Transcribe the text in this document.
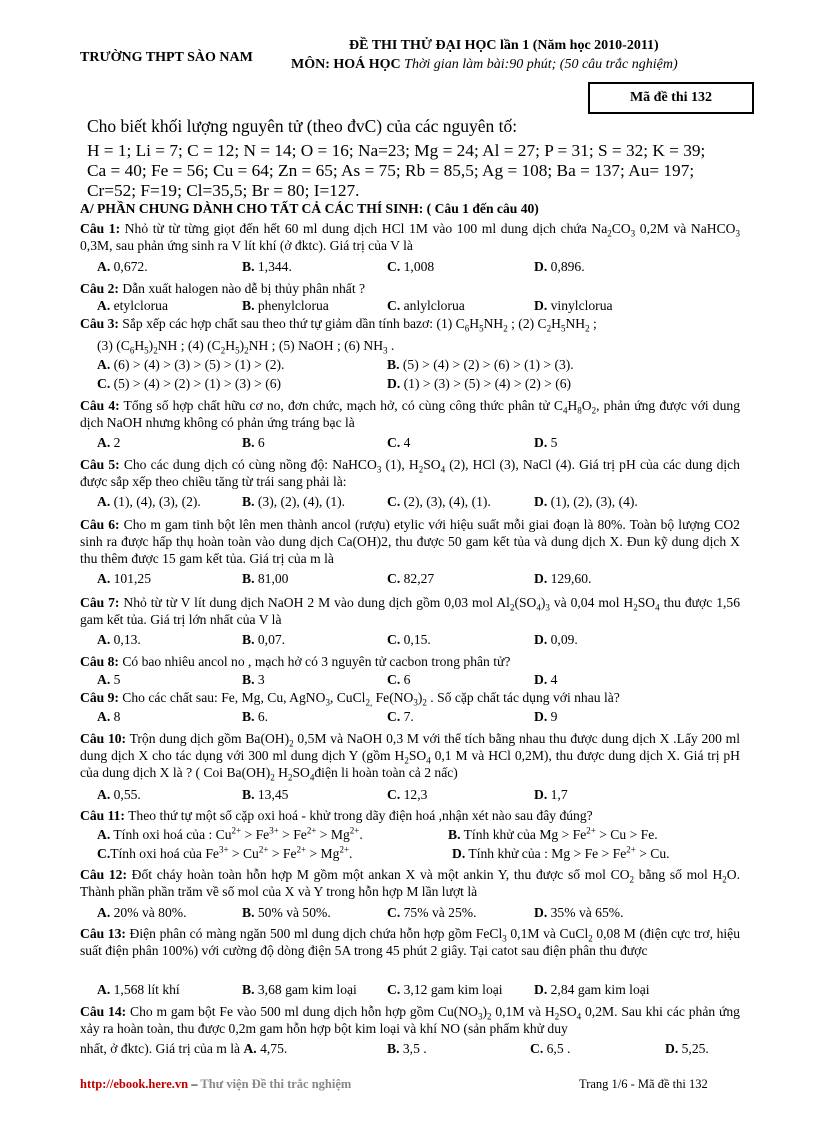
TRƯỜNG THPT SÀO NAM
ĐỀ THI THỬ ĐẠI HỌC lần 1 (Năm học 2010-2011)
MÔN: HOÁ HỌC Thời gian làm bài:90 phút; (50 câu trắc nghiệm)
Mã đề thi 132
Cho biết khối lượng nguyên tử (theo đvC) của các nguyên tố:
H = 1; Li = 7; C = 12; N = 14; O = 16; Na=23; Mg = 24; Al = 27; P = 31; S = 32; K = 39;
Ca = 40; Fe = 56; Cu = 64; Zn = 65; As = 75; Rb = 85,5; Ag = 108; Ba = 137; Au= 197;
Cr=52; F=19; Cl=35,5; Br = 80; I=127.
A/ PHẦN CHUNG DÀNH CHO TẤT CẢ CÁC THÍ SINH: ( Câu 1 đến câu 40)
Câu 1: Nhỏ từ từ từng giọt đến hết 60 ml dung dịch HCl 1M vào 100 ml dung dịch chứa $Na_2CO_3$ 0,2M và NaHCO$_3$ 0,3M, sau phản ứng sinh ra V lít khí (ở đktc). Giá trị của V là
A. 0,672.	B. 1,344.	C. 1,008	D. 0,896.
Câu 2: Dẫn xuất halogen nào dễ bị thủy phân nhất ?
A. etylclorua	B. phenylclorua	C. anlylclorua	D. vinylclorua
Câu 3: Sắp xếp các hợp chất sau theo thứ tự giảm dần tính bazơ: (1) $C_6H_5NH_2$ ; (2) $C_2H_5NH_2$ ;
(3) $(C_6H_5)_2NH$ ; (4) $(C_2H_5)_2NH$ ; (5) NaOH ; (6) $NH_3$ .
A. (6) > (4) > (3) > (5) > (1) > (2).	B. (5) > (4) > (2) > (6) > (1) > (3).
C. (5) > (4) > (2) > (1) > (3) > (6)	D. (1) > (3) > (5) > (4) > (2) > (6)
Câu 4: Tổng số hợp chất hữu cơ no, đơn chức, mạch hở, có cùng công thức phân tử $C_4H_8O_2$, phản ứng được với dung dịch NaOH nhưng không có phản ứng tráng bạc là
A. 2	B. 6	C. 4	D. 5
Câu 5: Cho các dung dịch có cùng nồng độ: NaHCO$_3$ (1), $H_2SO_4$ (2), HCl (3), NaCl (4). Giá trị pH của các dung dịch được sắp xếp theo chiều tăng từ trái sang phải là:
A. (1), (4), (3), (2).	B. (3), (2), (4), (1).	C. (2), (3), (4), (1).	D. (1), (2), (3), (4).
Câu 6: Cho m gam tinh bột lên men thành ancol (rượu) etylic với hiệu suất mỗi giai đoạn là 80%. Toàn bộ lượng CO2 sinh ra được hấp thụ hoàn toàn vào dung dịch Ca(OH)2, thu được 50 gam kết tủa và dung dịch X. Đun kỹ dung dịch X thu thêm được 15 gam kết tủa. Giá trị của m là
A. 101,25	B. 81,00	C. 82,27	D. 129,60.
Câu 7: Nhỏ từ từ V lít dung dịch NaOH 2 M vào dung dịch gồm 0,03 mol $Al_2(SO_4)_3$ và 0,04 mol $H_2SO_4$ thu được 1,56 gam kết tủa. Giá trị lớn nhất của V là
A. 0,13.	B. 0,07.	C. 0,15.	D. 0,09.
Câu 8: Có bao nhiêu ancol no , mạch hở có 3 nguyên tử cacbon trong phân tử?
A. 5	B. 3	C. 6	D. 4
Câu 9: Cho các chất sau: Fe, Mg, Cu, AgNO$_3$, CuCl$_{2,}$ $Fe(NO_3)_2$ . Số cặp chất tác dụng với nhau là?
A. 8	B. 6.	C. 7.	D. 9
Câu 10: Trộn dung dịch gồm $Ba(OH)_2$ 0,5M và NaOH 0,3 M với thể tích bằng nhau thu được dung dịch X .Lấy 200 ml dung dịch X cho tác dụng với 300 ml dung dịch Y (gồm $H_2SO_4$ 0,1 M và HCl 0,2M), thu được dung dịch X. Giá trị pH của dung dịch X là ? ( Coi $Ba(OH)_2$ $H_2SO_4điện$ li hoàn toàn cả 2 nấc)
A. 0,55.	B. 13,45	C. 12,3	D. 1,7
Câu 11: Theo thứ tự một số cặp oxi hoá - khử trong dãy điện hoá ,nhận xét nào sau đây đúng?
A. Tính oxi hoá của : $Cu^{2+} > Fe^{3+} > Fe^{2+} > Mg^{2+}$.	B. Tính khử của $Mg > Fe^{2+} > Cu > Fe$.
C.Tính oxi hoá của $Fe^{3+} > Cu^{2+} > Fe^{2+} > Mg^{2+}$.	D. Tính khử của : $Mg > Fe > Fe^{2+} > Cu$.
Câu 12: Đốt cháy hoàn toàn hỗn hợp M gồm một ankan X và một ankin Y, thu được số mol $CO_2$ bằng số mol $H_2O$. Thành phần phần trăm về số mol của X và Y trong hỗn hợp M lần lượt là
A. 20% và 80%.	B. 50% và 50%.	C. 75% và 25%.	D. 35% và 65%.
Câu 13: Điện phân có màng ngăn 500 ml dung dịch chứa hỗn hợp gồm FeCl$_3$ 0,1M và CuCl$_2$ 0,08 M (điện cực trơ, hiệu suất điện phân 100%) với cường độ dòng điện 5A trong 45 phút 2 giây. Tại catot sau điện phân thu được
A. 1,568 lít khí	B. 3,68 gam kim loại C. 3,12 gam kim loại D. 2,84 gam kim loại
Câu 14: Cho m gam bột Fe vào 500 ml dung dịch hỗn hợp gồm $Cu(NO_3)_2$ 0,1M và $H_2SO_4$ 0,2M. Sau khi các phản ứng xảy ra hoàn toàn, thu được 0,2m gam hỗn hợp bột kim loại và khí NO (sản phẩm khử duy
nhất, ở đktc). Giá trị của m là A. 4,75.	B. 3,5 .	C. 6,5 .	D. 5,25.
http://ebook.here.vn – Thư viện Đề thi trắc nghiệm	Trang 1/6 - Mã đề thi 132
